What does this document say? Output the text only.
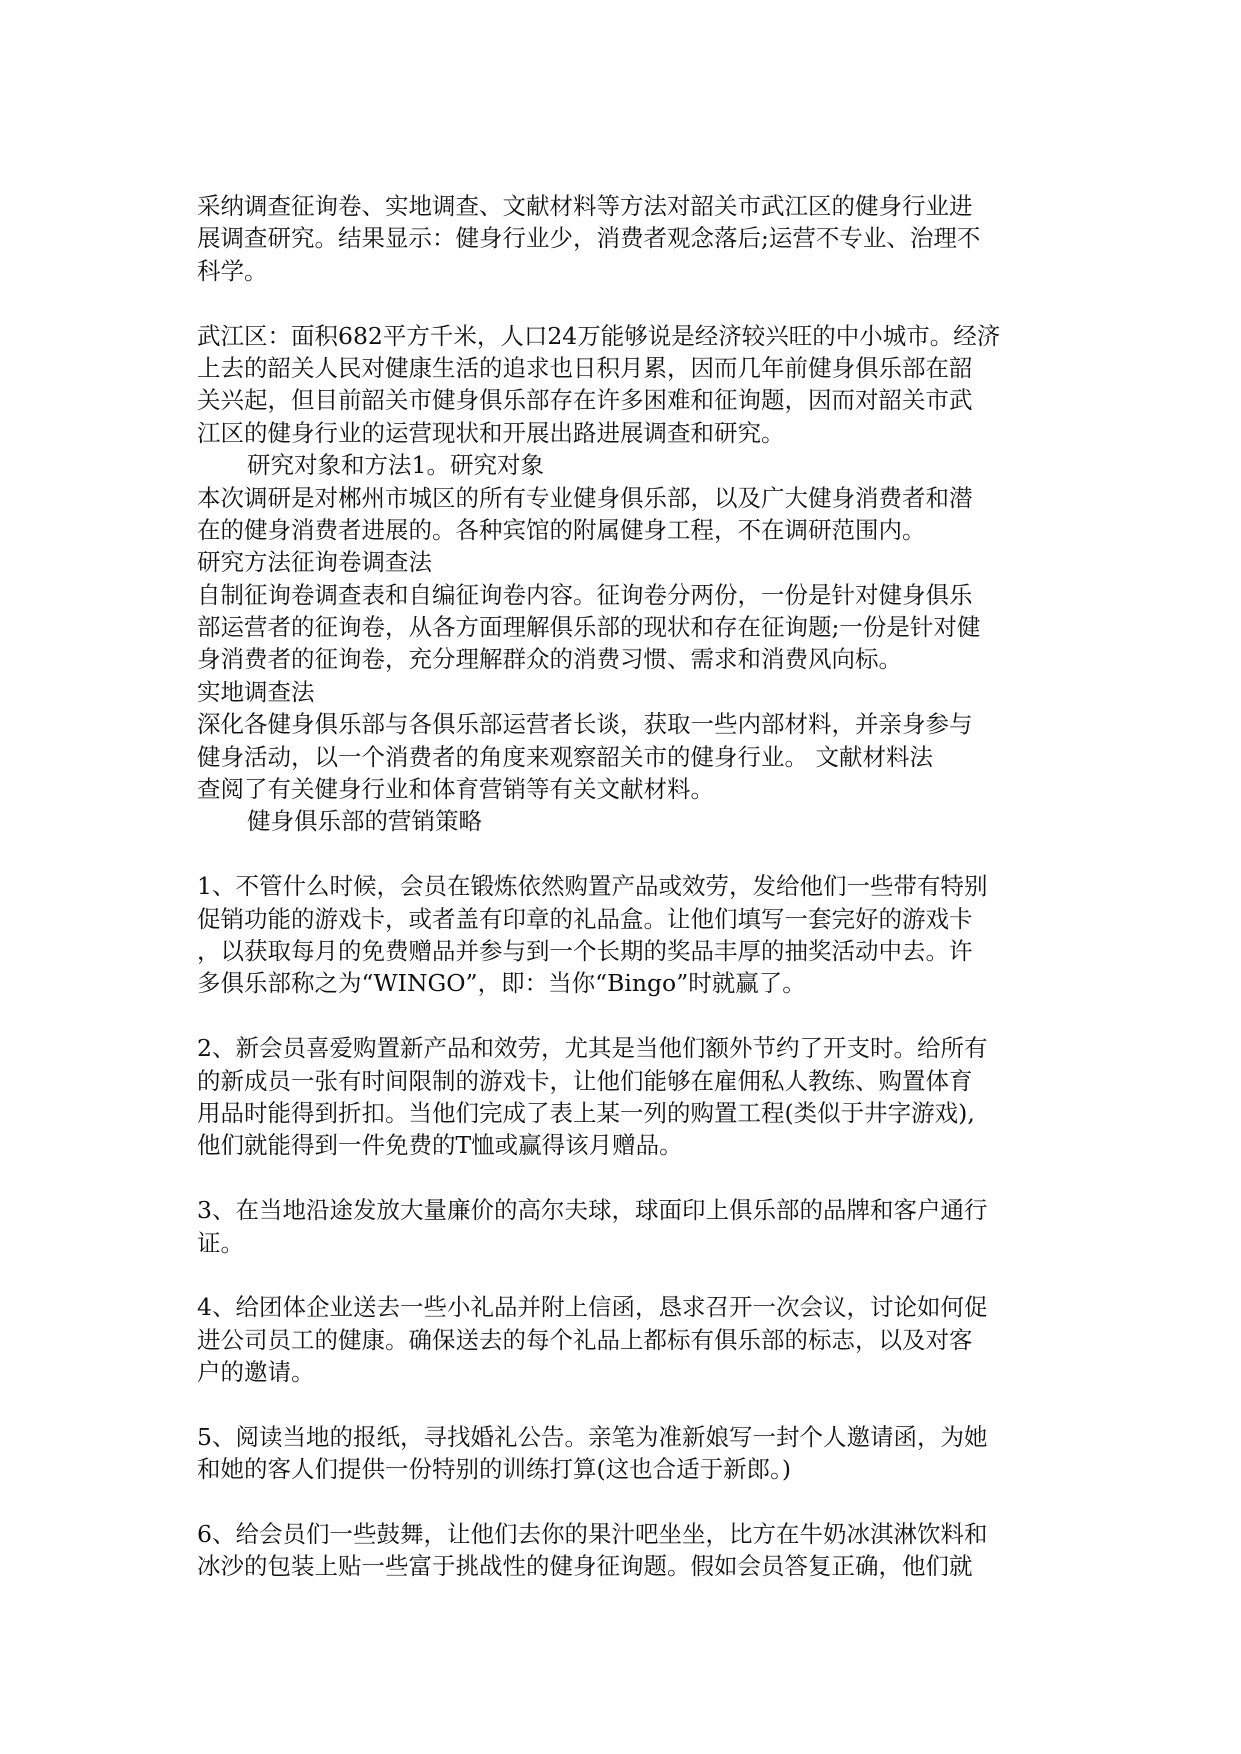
采纳调查征询卷、实地调查、文献材料等方法对韶关市武江区的健身行业进
展调查研究。结果显示：健身行业少，消费者观念落后;运营不专业、治理不
科学。
武江区：面积682平方千米，人口24万能够说是经济较兴旺的中小城市。经济
上去的韶关人民对健康生活的追求也日积月累，因而几年前健身俱乐部在韶
关兴起，但目前韶关市健身俱乐部存在许多困难和征询题，因而对韶关市武
江区的健身行业的运营现状和开展出路进展调查和研究。
研究对象和方法1。研究对象
本次调研是对郴州市城区的所有专业健身俱乐部，以及广大健身消费者和潜
在的健身消费者进展的。各种宾馆的附属健身工程，不在调研范围内。
研究方法征询卷调查法
自制征询卷调查表和自编征询卷内容。征询卷分两份，一份是针对健身俱乐
部运营者的征询卷，从各方面理解俱乐部的现状和存在征询题;一份是针对健
身消费者的征询卷，充分理解群众的消费习惯、需求和消费风向标。
实地调查法
深化各健身俱乐部与各俱乐部运营者长谈，获取一些内部材料，并亲身参与
健身活动，以一个消费者的角度来观察韶关市的健身行业。 文献材料法
查阅了有关健身行业和体育营销等有关文献材料。
健身俱乐部的营销策略
1、不管什么时候，会员在锻炼依然购置产品或效劳，发给他们一些带有特别
促销功能的游戏卡，或者盖有印章的礼品盒。让他们填写一套完好的游戏卡
，以获取每月的免费赠品并参与到一个长期的奖品丰厚的抽奖活动中去。许
多俱乐部称之为“WINGO”，即：当你“Bingo”时就赢了。
2、新会员喜爱购置新产品和效劳，尤其是当他们额外节约了开支时。给所有
的新成员一张有时间限制的游戏卡，让他们能够在雇佣私人教练、购置体育
用品时能得到折扣。当他们完成了表上某一列的购置工程(类似于井字游戏),
他们就能得到一件免费的T恤或赢得该月赠品。
3、在当地沿途发放大量廉价的高尔夫球，球面印上俱乐部的品牌和客户通行
证。
4、给团体企业送去一些小礼品并附上信函，恳求召开一次会议，讨论如何促
进公司员工的健康。确保送去的每个礼品上都标有俱乐部的标志，以及对客
户的邀请。
5、阅读当地的报纸，寻找婚礼公告。亲笔为准新娘写一封个人邀请函，为她
和她的客人们提供一份特别的训练打算(这也合适于新郎。)
6、给会员们一些鼓舞，让他们去你的果汁吧坐坐，比方在牛奶冰淇淋饮料和
冰沙的包装上贴一些富于挑战性的健身征询题。假如会员答复正确，他们就
